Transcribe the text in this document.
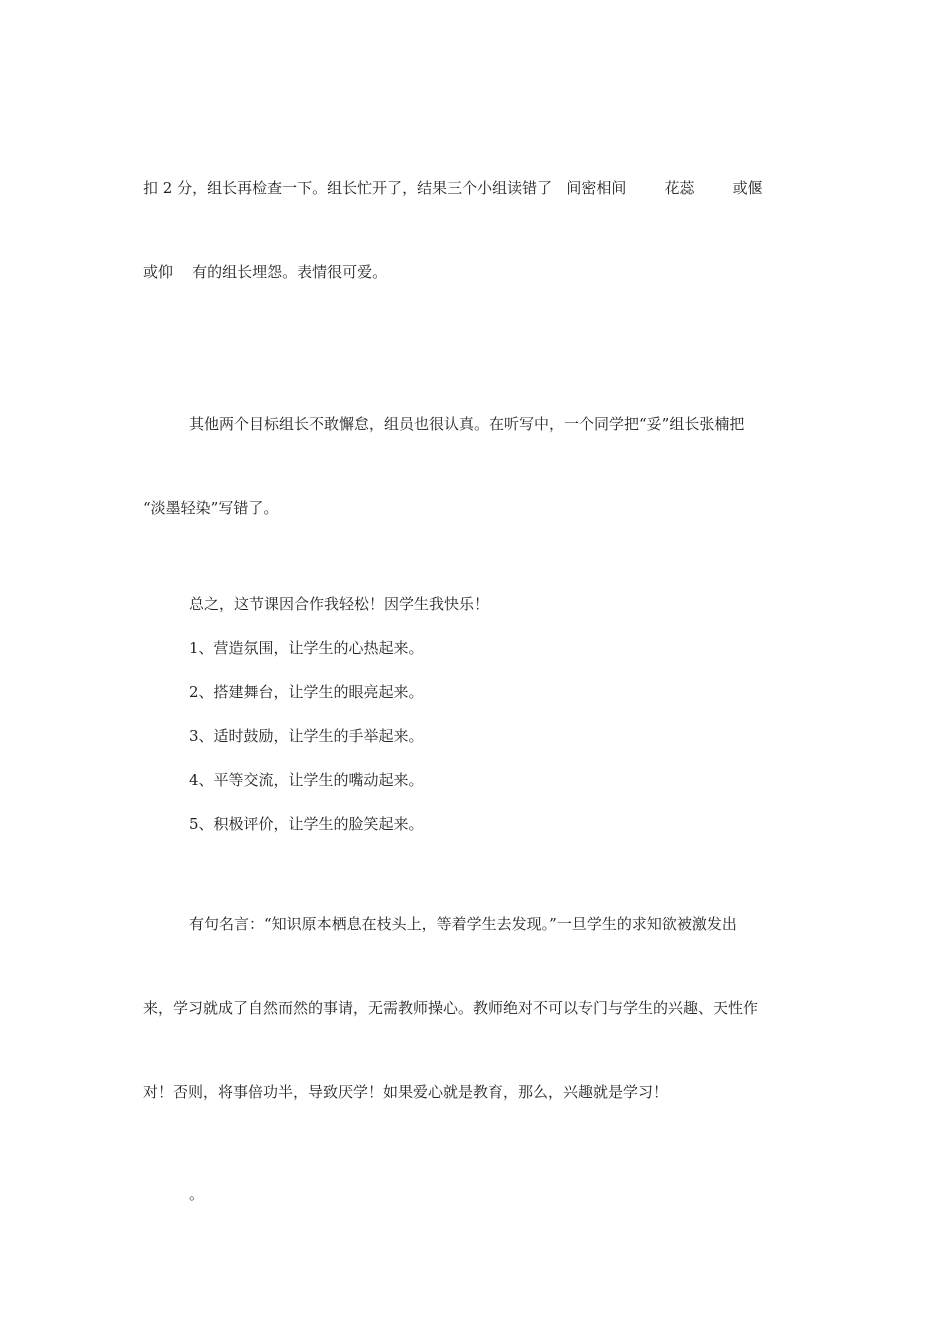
扣 2 分，组长再检查一下。组长忙开了，结果三个小组读错了   间密相间        花蕊        或偃

或仰    有的组长埋怨。表情很可爱。

其他两个目标组长不敢懈怠，组员也很认真。在听写中，一个同学把“妥”组长张楠把

“淡墨轻染”写错了。

总之，这节课因合作我轻松！因学生我快乐！

1、营造氛围，让学生的心热起来。

2、搭建舞台，让学生的眼亮起来。

3、适时鼓励，让学生的手举起来。

4、平等交流，让学生的嘴动起来。

5、积极评价，让学生的脸笑起来。

有句名言：“知识原本栖息在枝头上，等着学生去发现。”一旦学生的求知欲被激发出

来，学习就成了自然而然的事请，无需教师操心。教师绝对不可以专门与学生的兴趣、天性作

对！否则，将事倍功半，导致厌学！如果爱心就是教育，那么，兴趣就是学习！

。
